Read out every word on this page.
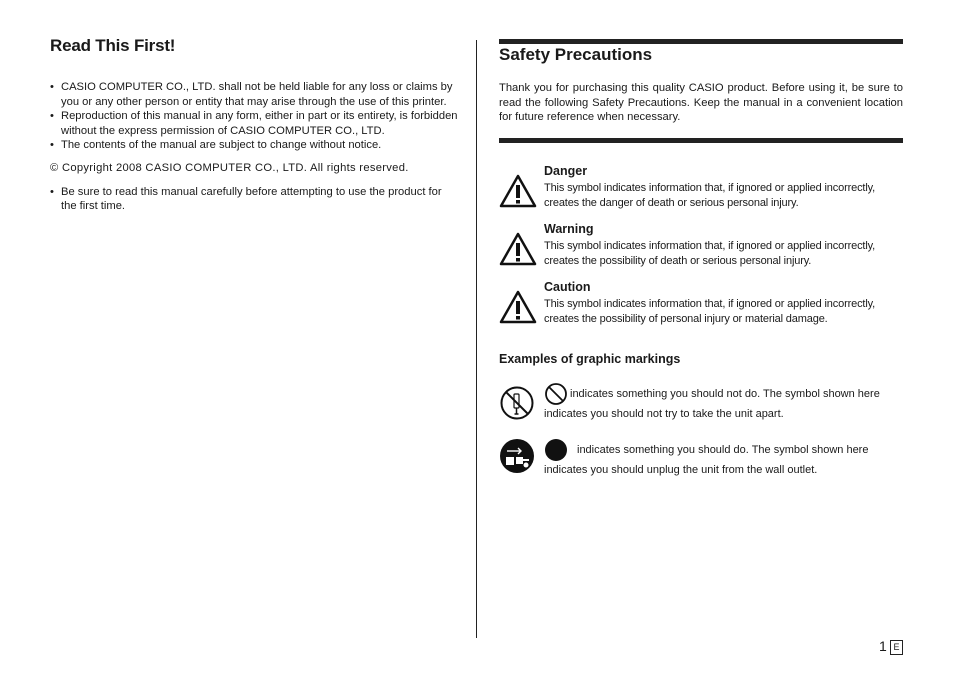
Read This First!
• CASIO COMPUTER CO., LTD. shall not be held liable for any loss or claims by you or any other person or entity that may arise through the use of this printer.
• Reproduction of this manual in any form, either in part or its entirety, is forbidden without the express permission of CASIO COMPUTER CO., LTD.
• The contents of the manual are subject to change without notice.
© Copyright 2008 CASIO COMPUTER CO., LTD. All rights reserved.
• Be sure to read this manual carefully before attempting to use the product for the first time.
Safety Precautions
Thank you for purchasing this quality CASIO product. Before using it, be sure to read the following Safety Precautions. Keep the manual in a convenient location for future reference when necessary.
Danger
This symbol indicates information that, if ignored or applied incorrectly, creates the danger of death or serious personal injury.
Warning
This symbol indicates information that, if ignored or applied incorrectly, creates the possibility of death or serious personal injury.
Caution
This symbol indicates information that, if ignored or applied incorrectly, creates the possibility of personal injury or material damage.
Examples of graphic markings
indicates something you should not do. The symbol shown here
indicates you should not try to take the unit apart.
indicates something you should do. The symbol shown here
indicates you should unplug the unit from the wall outlet.
1 E
